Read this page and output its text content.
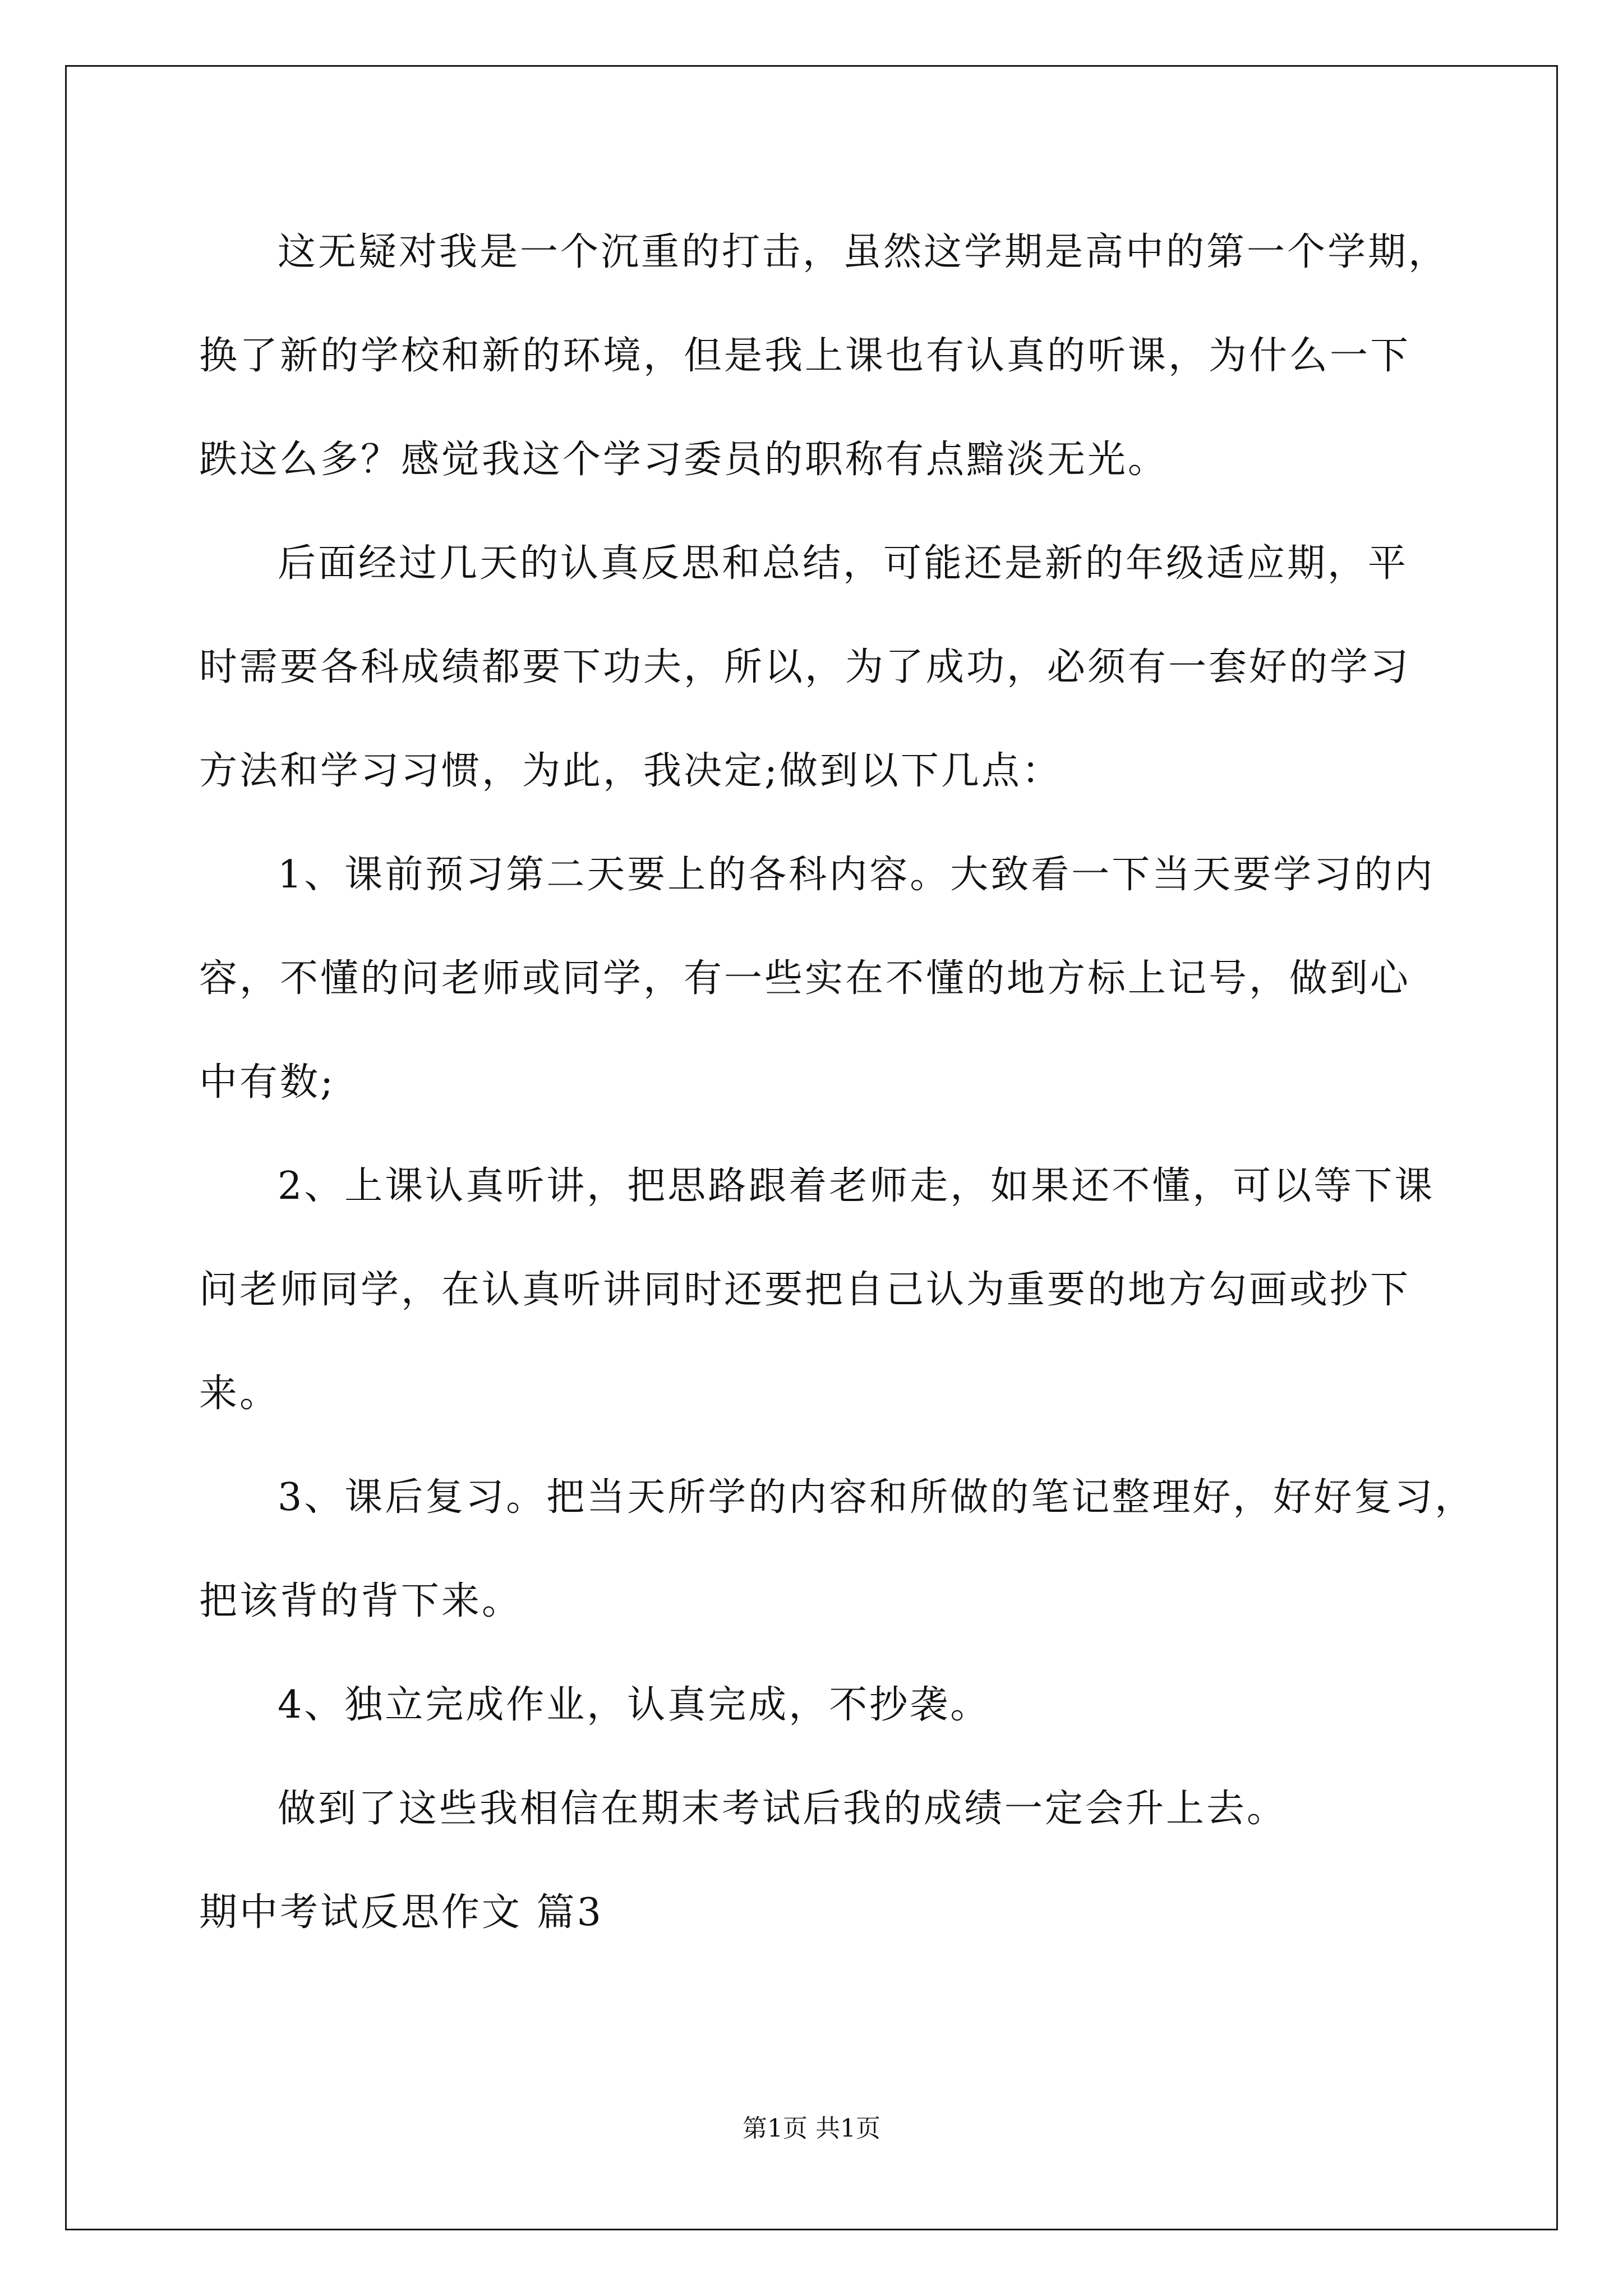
这无疑对我是一个沉重的打击，虽然这学期是高中的第一个学期，
换了新的学校和新的环境，但是我上课也有认真的听课，为什么一下
跌这么多？感觉我这个学习委员的职称有点黯淡无光。
后面经过几天的认真反思和总结，可能还是新的年级适应期，平
时需要各科成绩都要下功夫，所以，为了成功，必须有一套好的学习
方法和学习习惯，为此，我决定;做到以下几点：
1、课前预习第二天要上的各科内容。大致看一下当天要学习的内
容，不懂的问老师或同学，有一些实在不懂的地方标上记号，做到心
中有数;
2、上课认真听讲，把思路跟着老师走，如果还不懂，可以等下课
问老师同学，在认真听讲同时还要把自己认为重要的地方勾画或抄下
来。
3、课后复习。把当天所学的内容和所做的笔记整理好，好好复习，
把该背的背下来。
4、独立完成作业，认真完成，不抄袭。
做到了这些我相信在期末考试后我的成绩一定会升上去。
期中考试反思作文 篇3
第1页 共1页
